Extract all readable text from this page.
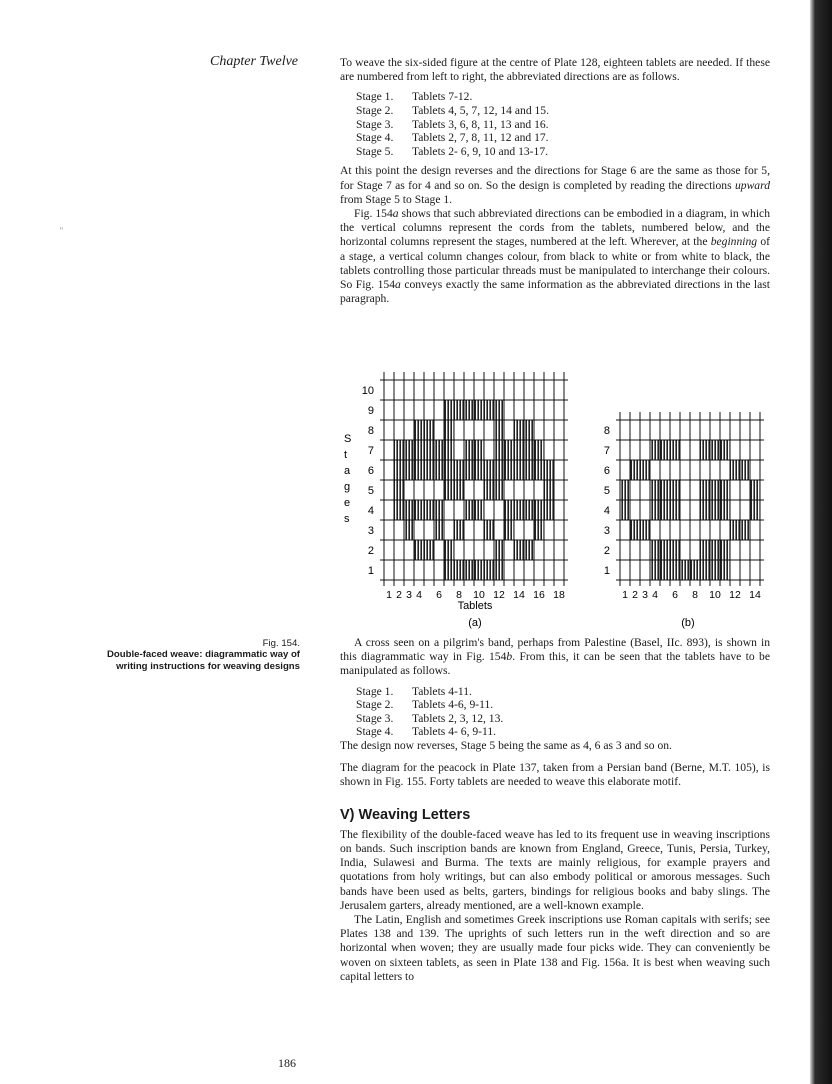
''
Chapter Twelve	To weave the six-sided figure at the centre of Plate 128, eighteen tablets are needed. If these are numbered from left to right, the abbreviated directions are as follows.

Stage 1.	Tablets 7-12.
Stage 2.	Tablets 4, 5, 7, 12, 14 and 15.
Stage 3.	Tablets 3, 6, 8, 11, 13 and 16.
Stage 4.	Tablets 2, 7, 8, 11, 12 and 17.
Stage 5.	Tablets 2- 6, 9, 10 and 13-17.

At this point the design reverses and the directions for Stage 6 are the same as those for 5, for Stage 7 as for 4 and so on. So the design is completed by reading the directions upward from Stage 5 to Stage 1.

Fig. 154a shows that such abbreviated directions can be embodied in a diagram, in which the vertical columns represent the cords from the tablets, numbered below, and the horizontal columns represent the stages, numbered at the left. Wherever, at the beginning of a stage, a vertical column changes colour, from black to white or from white to black, the tablets controlling those particular threads must be manipulated to interchange their colours. So Fig. 154a conveys exactly the same information as the abbreviated directions in the last paragraph.

1
2
3
4
5
6
7
8
9
10
1 2 3 4 6 8 10 12 14 16 18
1
2
3
4
5
6
7
8
1 2 3 4 6 8 10 12 14
S t a g e s
Tablets
(a)	(b)
Fig. 154.
Double-faced weave: diagrammatic way of writing instructions for weaving designs

A cross seen on a pilgrim's band, perhaps from Palestine (Basel, IIc. 893), is shown in this diagrammatic way in Fig. 154b. From this, it can be seen that the tablets have to be manipulated as follows.

Stage 1.	Tablets 4-11.
Stage 2.	Tablets 4-6, 9-11.
Stage 3.	Tablets 2, 3, 12, 13.
Stage 4.	Tablets 4- 6, 9-11.

The design now reverses, Stage 5 being the same as 4, 6 as 3 and so on.

The diagram for the peacock in Plate 137, taken from a Persian band (Berne, M.T. 105), is shown in Fig. 155. Forty tablets are needed to weave this elaborate motif.

V) Weaving Letters

The flexibility of the double-faced weave has led to its frequent use in weaving inscriptions on bands. Such inscription bands are known from England, Greece, Tunis, Persia, Turkey, India, Sulawesi and Burma. The texts are mainly religious, for example prayers and quotations from holy writings, but can also embody political or amorous messages. Such bands have been used as belts, garters, bindings for religious books and baby slings. The Jerusalem garters, already mentioned, are a well-known example.

The Latin, English and sometimes Greek inscriptions use Roman capitals with serifs; see Plates 138 and 139. The uprights of such letters run in the weft direction and so are horizontal when woven; they are usually made four picks wide. They can conveniently be woven on sixteen tablets, as seen in Plate 138 and Fig. 156a. It is best when weaving such capital letters to

186
